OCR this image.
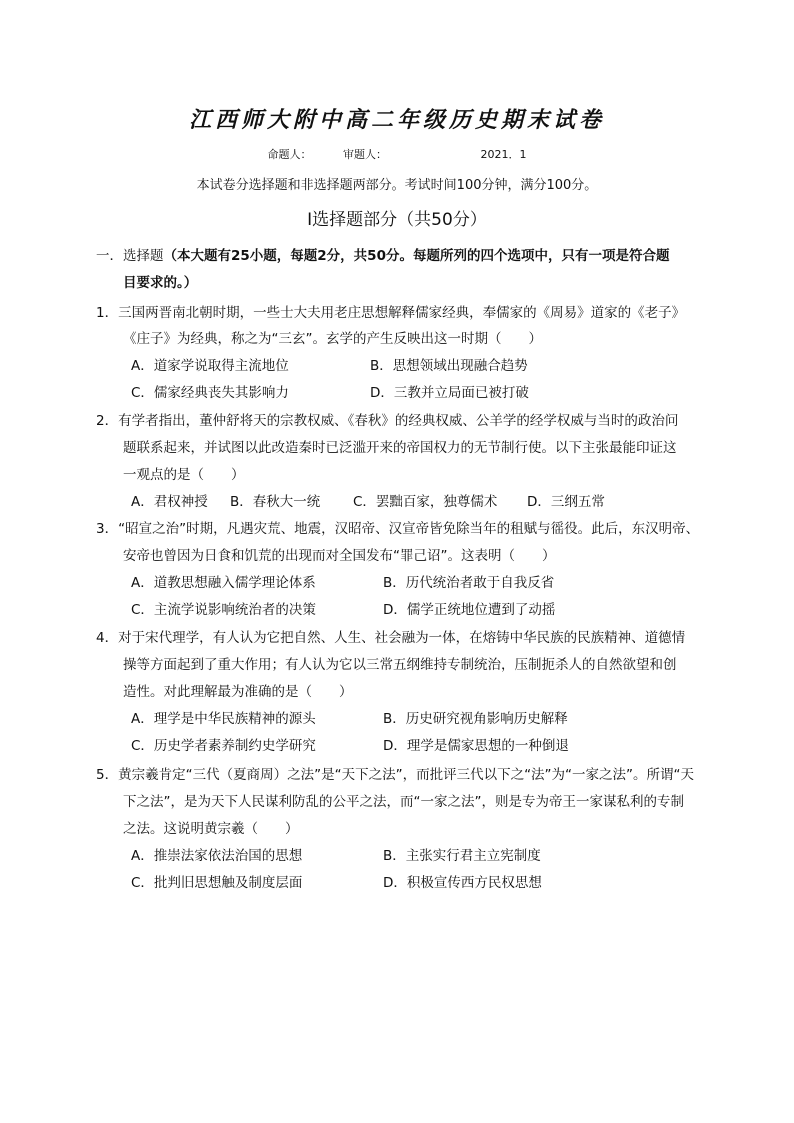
江西师大附中高二年级历史期末试卷
命题人：	审题人：	2021．1
本试卷分选择题和非选择题两部分。考试时间100分钟，满分100分。
Ⅰ选择题部分（共50分）
一．选择题（本大题有25小题，每题2分，共50分。每题所列的四个选项中，只有一项是符合题
目要求的。）
1．三国两晋南北朝时期，一些士大夫用老庄思想解释儒家经典，奉儒家的《周易》道家的《老子》
《庄子》为经典，称之为“三玄”。玄学的产生反映出这一时期（　　）
A．道家学说取得主流地位	B．思想领域出现融合趋势
C．儒家经典丧失其影响力	D．三教并立局面已被打破
2．有学者指出，董仲舒将天的宗教权威、《春秋》的经典权威、公羊学的经学权威与当时的政治问
题联系起来，并试图以此改造秦时已泛滥开来的帝国权力的无节制行使。以下主张最能印证这
一观点的是（　　）
A．君权神授 B．春秋大一统 C．罢黜百家，独尊儒术 D．三纲五常
3．“昭宣之治”时期，凡遇灾荒、地震，汉昭帝、汉宣帝皆免除当年的租赋与徭役。此后，东汉明帝、
安帝也曾因为日食和饥荒的出现而对全国发布“罪己诏”。这表明（　　）
A．道教思想融入儒学理论体系	B．历代统治者敢于自我反省
C．主流学说影响统治者的决策	D．儒学正统地位遭到了动摇
4．对于宋代理学，有人认为它把自然、人生、社会融为一体，在熔铸中华民族的民族精神、道德情
操等方面起到了重大作用；有人认为它以三常五纲维持专制统治，压制扼杀人的自然欲望和创
造性。对此理解最为准确的是（　　）
A．理学是中华民族精神的源头	B．历史研究视角影响历史解释
C．历史学者素养制约史学研究	D．理学是儒家思想的一种倒退
5．黄宗羲肯定“三代（夏商周）之法”是“天下之法”，而批评三代以下之“法”为“一家之法”。所谓“天
下之法”，是为天下人民谋利防乱的公平之法，而“一家之法”，则是专为帝王一家谋私利的专制
之法。这说明黄宗羲（　　）
A．推崇法家依法治国的思想	B．主张实行君主立宪制度
C．批判旧思想触及制度层面	D．积极宣传西方民权思想
